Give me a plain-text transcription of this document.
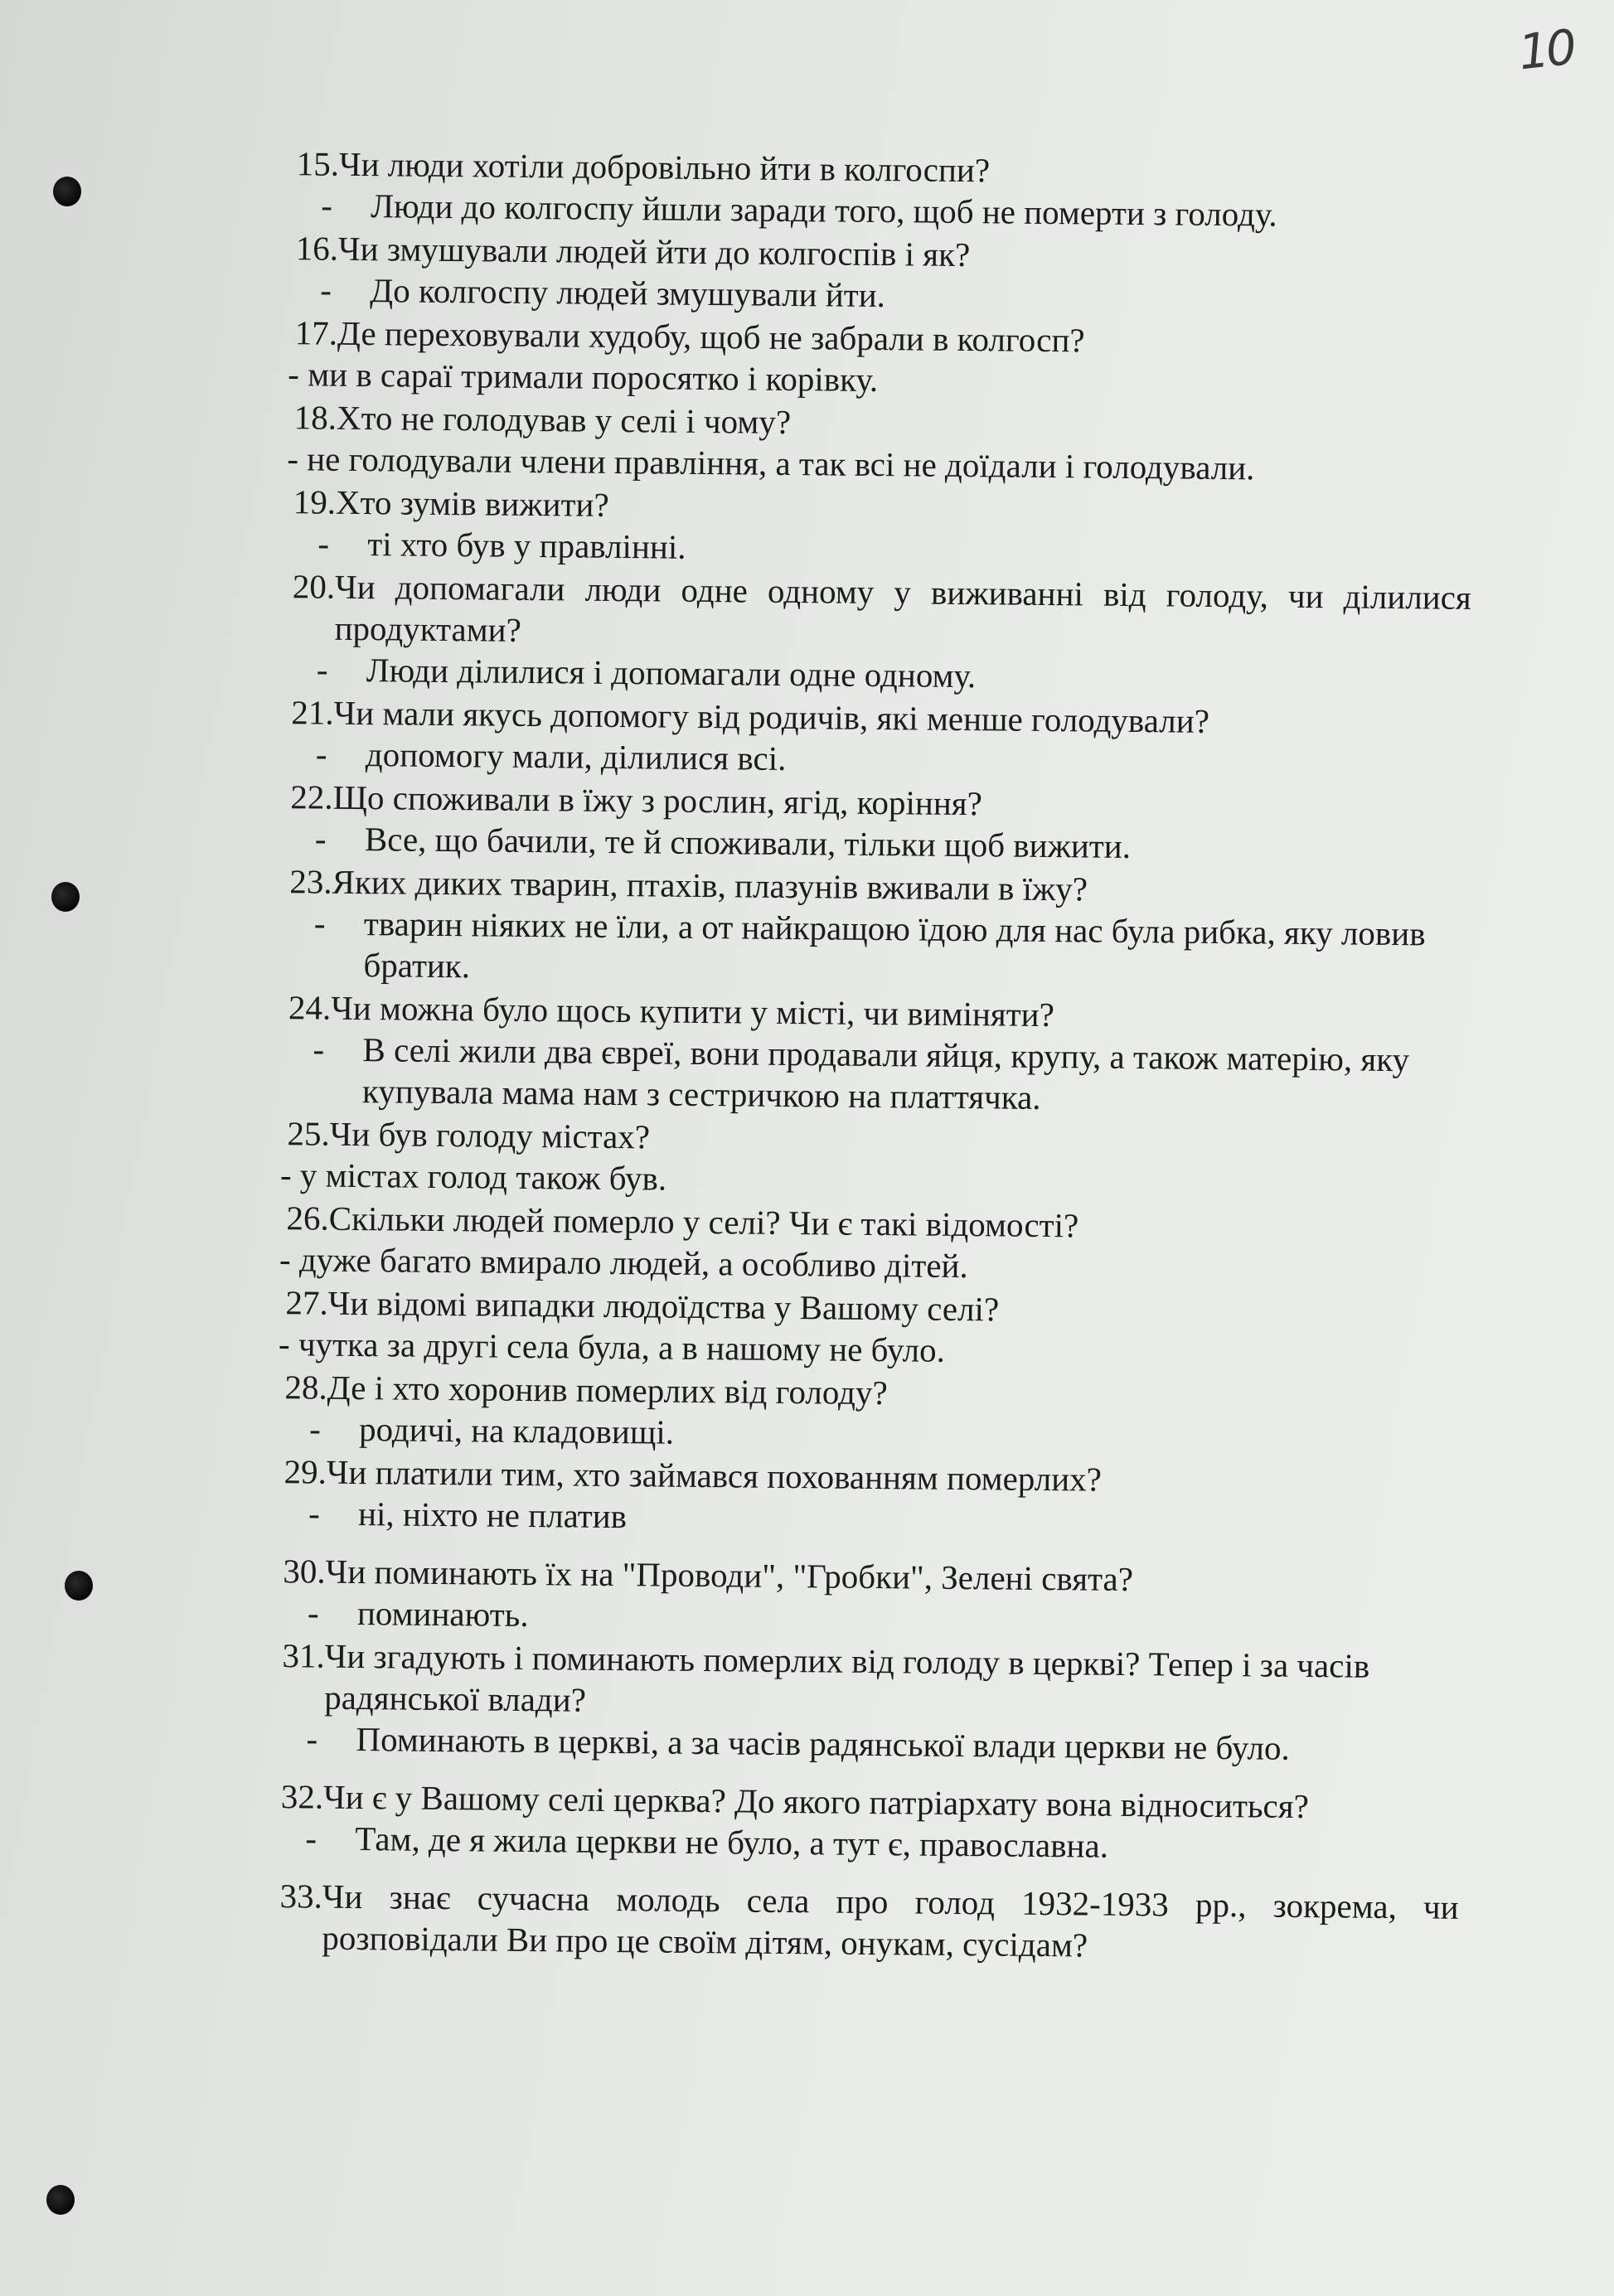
10
15. Чи люди хотіли добровільно йти в колгоспи?
-	Люди до колгоспу йшли заради того, щоб не померти з голоду.
16. Чи змушували людей йти до колгоспів і як?
-	До колгоспу людей змушували йти.
17. Де переховували худобу, щоб не забрали в колгосп?
- ми в сараї тримали поросятко і корівку.
18. Хто не голодував у селі і чому?
- не голодували члени правління, а так всі не доїдали і голодували.
19. Хто зумів вижити?
-	ті хто був у правлінні.
20. Чи допомагали люди одне одному у виживанні від голоду, чи ділилися продуктами?
-	Люди ділилися і допомагали одне одному.
21. Чи мали якусь допомогу від родичів, які менше голодували?
-	допомогу мали, ділилися всі.
22. Що споживали в їжу з рослин, ягід, коріння?
-	Все, що бачили, те й споживали, тільки щоб вижити.
23. Яких диких тварин, птахів, плазунів вживали в їжу?
-	тварин ніяких не їли, а от найкращою їдою для нас була рибка, яку ловив братик.
24. Чи можна було щось купити у місті, чи виміняти?
-	В селі жили два євреї, вони продавали яйця, крупу, а також матерію, яку купувала мама нам з сестричкою на платтячка.
25. Чи був голоду містах?
- у містах голод також був.
26. Скільки людей померло у селі? Чи є такі відомості?
- дуже багато вмирало людей, а особливо дітей.
27. Чи відомі випадки людоїдства у Вашому селі?
- чутка за другі села була, а в нашому не було.
28. Де і хто хоронив померлих від голоду?
-	родичі, на кладовищі.
29. Чи платили тим, хто займався похованням померлих?
-	ні, ніхто не платив
30. Чи поминають їх на "Проводи", "Гробки", Зелені свята?
-	поминають.
31. Чи згадують і поминають померлих від голоду в церкві? Тепер і за часів радянської влади?
-	Поминають в церкві, а за часів радянської влади церкви не було.
32. Чи є у Вашому селі церква? До якого патріархату вона відноситься?
-	Там, де я жила церкви не було, а тут є, православна.
33. Чи знає сучасна молодь села про голод 1932-1933 рр., зокрема, чи розповідали Ви про це своїм дітям, онукам, сусідам?
